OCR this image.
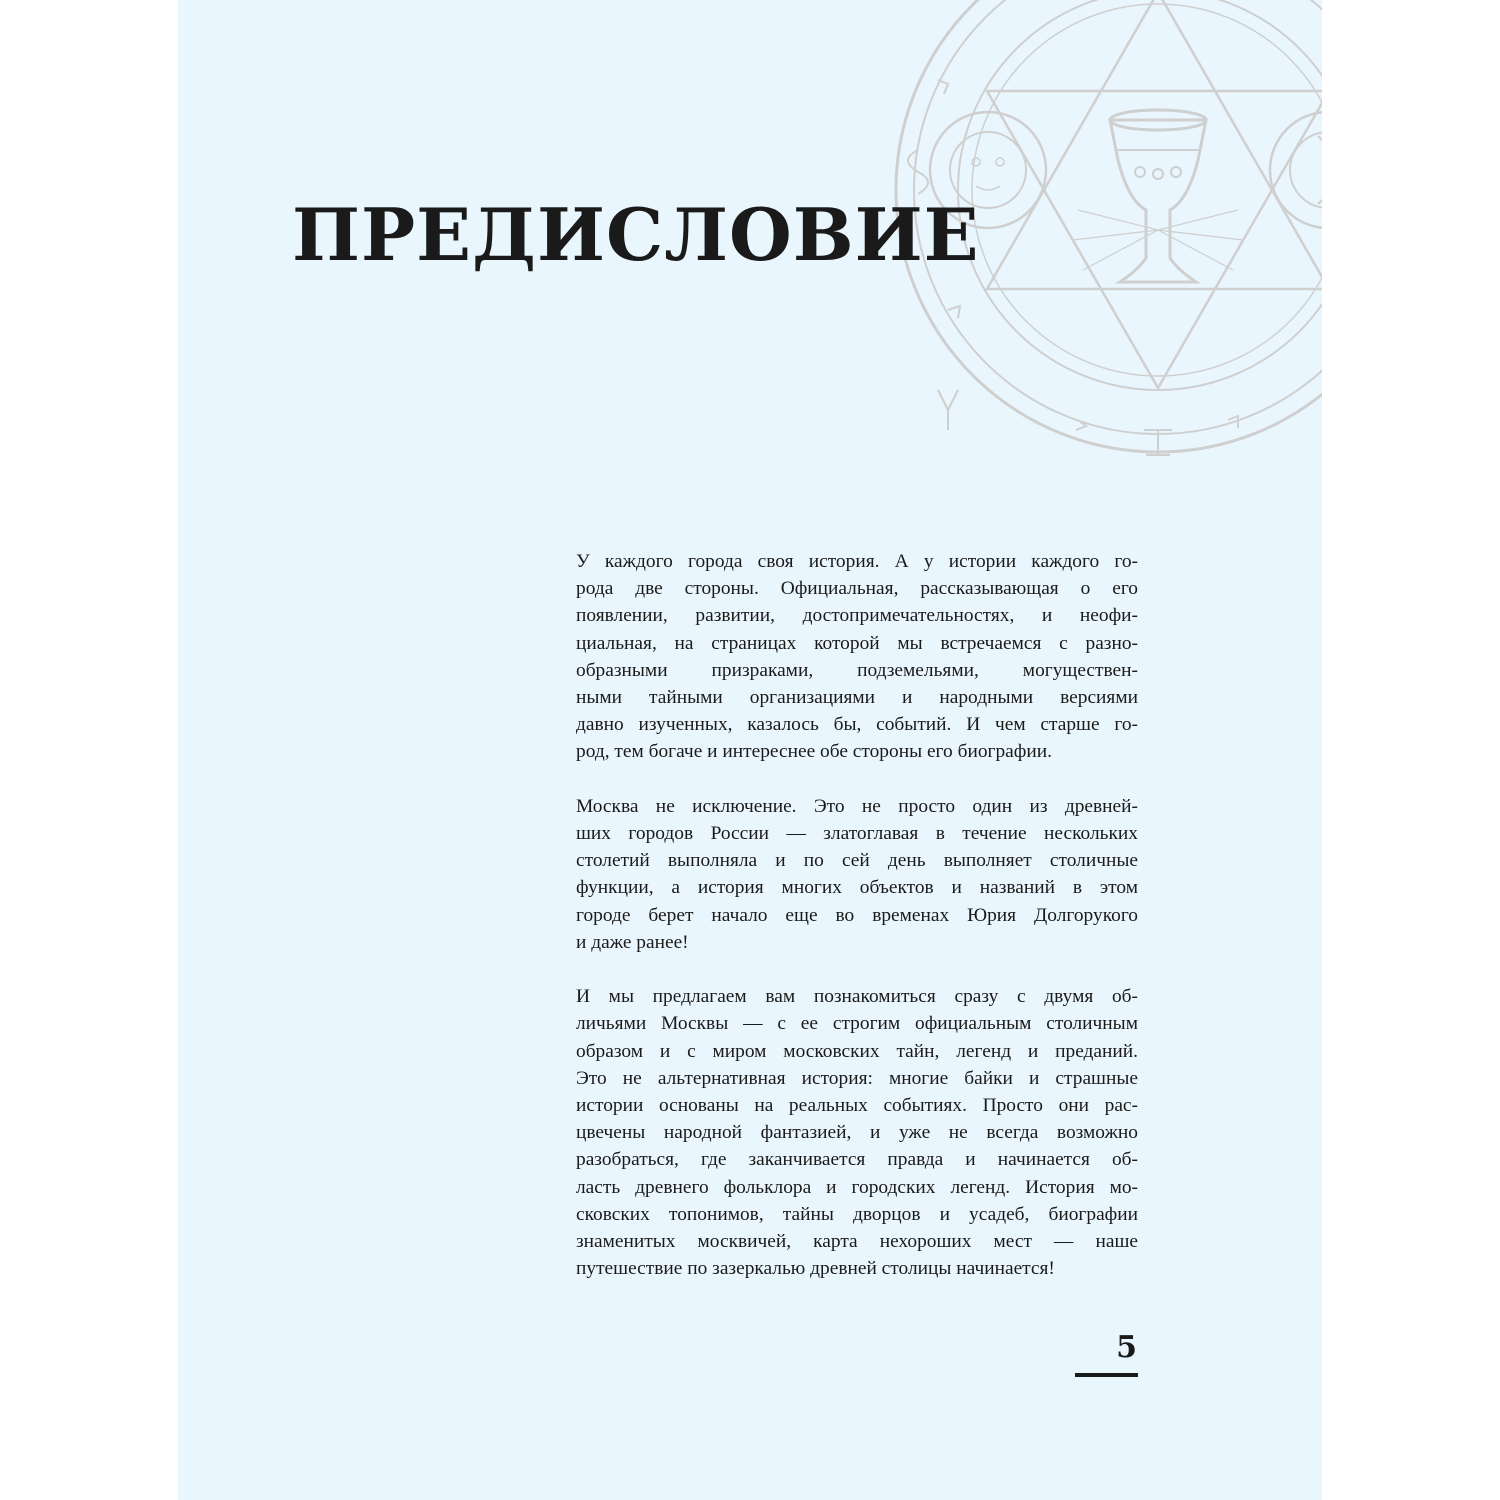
ПРЕДИСЛОВИЕ

У каждого города своя история. А у истории каждого го-
рода две стороны. Официальная, рассказывающая о его
появлении, развитии, достопримечательностях, и неофи-
циальная, на страницах которой мы встречаемся с разно-
образными призраками, подземельями, могуществен-
ными тайными организациями и народными версиями
давно изученных, казалось бы, событий. И чем старше го-
род, тем богаче и интереснее обе стороны его биографии.

Москва не исключение. Это не просто один из древней-
ших городов России — златоглавая в течение нескольких
столетий выполняла и по сей день выполняет столичные
функции, а история многих объектов и названий в этом
городе берет начало еще во временах Юрия Долгорукого
и даже ранее!

И мы предлагаем вам познакомиться сразу с двумя об-
личьями Москвы — с ее строгим официальным столичным
образом и с миром московских тайн, легенд и преданий.
Это не альтернативная история: многие байки и страшные
истории основаны на реальных событиях. Просто они рас-
цвечены народной фантазией, и уже не всегда возможно
разобраться, где заканчивается правда и начинается об-
ласть древнего фольклора и городских легенд. История мо-
сковских топонимов, тайны дворцов и усадеб, биографии
знаменитых москвичей, карта нехороших мест — наше
путешествие по зазеркалью древней столицы начинается!

5
